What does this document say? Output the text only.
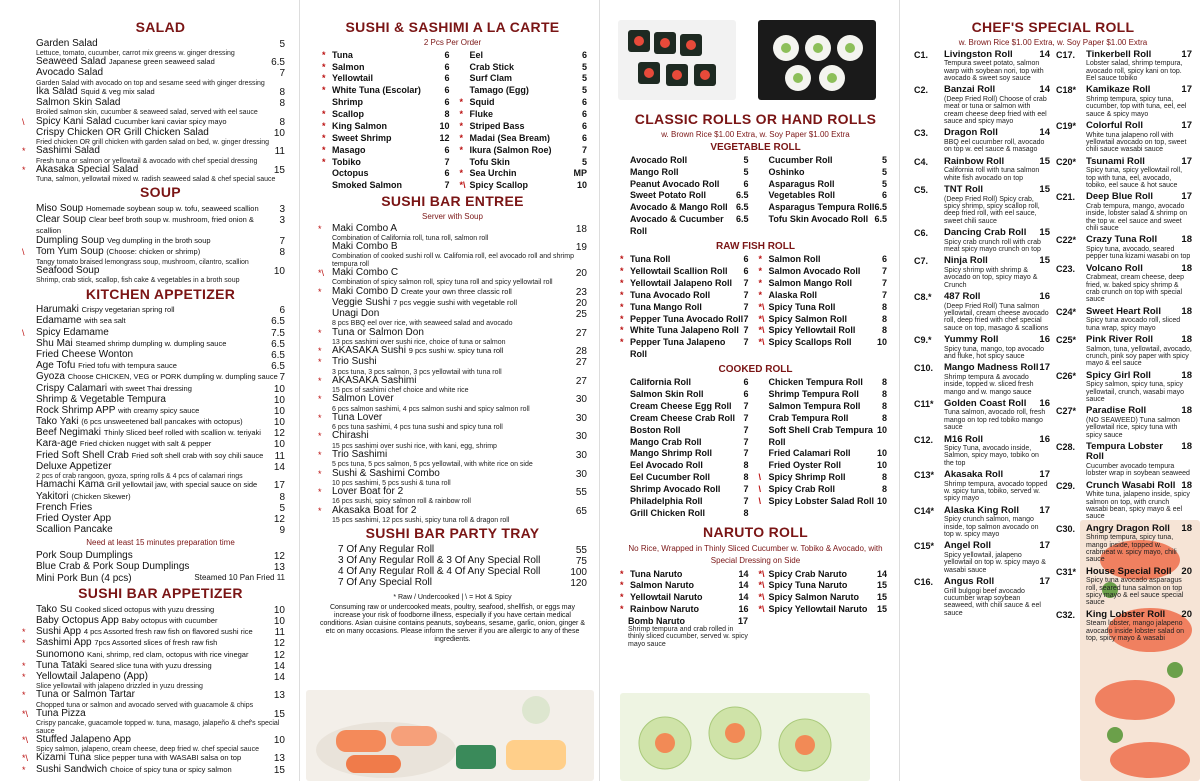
SALAD
Garden Salad	5
Lettuce, tomato, cucumber, carrot mix greens w. ginger dressing
Seaweed Salad Japanese green seaweed salad	6.5
Avocado Salad	7
Garden Salad with avocado on top and sesame seed with ginger dressing
Ika Salad Squid & veg mix salad	8
Salmon Skin Salad	8
Broiled salmon skin, cucumber & seaweed salad, served with eel sauce
\ Spicy Kani Salad Cucumber kani caviar spicy mayo	8
Crispy Chicken OR Grill Chicken Salad	10
Fried chicken OR grill chicken with garden salad on bed, w. ginger dressing
* Sashimi Salad	11
Fresh tuna or salmon or yellowtail & avocado with chef special dressing
* Akasaka Special Salad	15
Tuna, salmon, yellowtail mixed w. radish seaweed salad & chef special sauce
SOUP
Miso Soup Homemade soybean soup w. tofu, seaweed scallion 3
Clear Soup Clear beef broth soup w. mushroom, fried onion & scallion
3
Dumpling Soup Veg dumpling in the broth soup	7
\ Tom Yum Soup (Choose: chicken or shrimp)	8
Tangy tomato braised lemongrass soup, mushroom, cilantro, scallion
Seafood Soup	10
Shrimp, crab stick, scallop, fish cake & vegetables in a broth soup
KITCHEN APPETIZER
Harumaki Crispy vegetarian spring roll	6
Edamame with sea salt	6.5
\ Spicy Edamame	7.5
Shu Mai Steamed shrimp dumpling w. dumpling sauce	6.5
Fried Cheese Wonton	6.5
Age Tofu Fried tofu with tempura sauce	6.5
Gyoza Choose CHICKEN, VEG or PORK dumpling w. dumpling sauce 7
Crispy Calamari with sweet Thai dressing	10
Shrimp & Vegetable Tempura	10
Rock Shrimp APP with creamy spicy sauce	10
Tako Yaki (6 pcs unsweetened ball pancakes with octopus)	10
Beef Negimaki Thinly Sliced beef rolled with scallion w. teriyaki 12
Kara-age Fried chicken nugget with salt & pepper	10
Fried Soft Shell Crab Fried soft shell crab with soy chili sauce 11
Deluxe Appetizer	14
2 pcs of crab rangoon, gyoza, spring rolls & 4 pcs of calamari rings
Hamachi Kama Grill yellowtail jaw, with special sauce on side 17
Yakitori (Chicken Skewer)	8
French Fries	5
Fried Oyster App	12
Scallion Pancake	9
Need at least 15 minutes preparation time
Pork Soup Dumplings	12
Blue Crab & Pork Soup Dumplings	13
Mini Pork Bun (4 pcs)	Steamed 10 Pan Fried 11
SUSHI BAR APPETIZER
Tako Su Cooked sliced octopus with yuzu dressing	10
Baby Octopus App Baby octopus with cucumber	10
* Sushi App 4 pcs Assorted fresh raw fish on flavored sushi rice 11
* Sashimi App 7pcs Assorted slices of fresh raw fish	12
Sunomono Kani, shrimp, red clam, octopus with rice vinegar	12
* Tuna Tataki Seared slice tuna with yuzu dressing	14
* Yellowtail Jalapeno (App)	14
Slice yellowtail with jalapeno drizzled in yuzu dressing
* Tuna or Salmon Tartar	13
Chopped tuna or salmon and avocado served with guacamole & chips
*\ Tuna Pizza	15
Crispy pancake, guacamole topped w. tuna, masago, jalapeño & chef's special sauce
*\ Stuffed Jalapeno App	10
Spicy salmon, jalapeno, cream cheese, deep fried w. chef special sauce
*\ Kizami Tuna Slice pepper tuna with WASABI salsa on top	13
* Sushi Sandwich Choice of spicy tuna or spicy salmon	15
SUSHI & SASHIMI A LA CARTE
2 Pcs Per Order
* Tuna	6
* Salmon	6
* Yellowtail	6
* White Tuna (Escolar)	6
Shrimp	6
* Scallop	8
* King Salmon	10
* Sweet Shrimp	12
* Masago	6
* Tobiko	7
Octopus	6
Smoked Salmon	7
Eel	6
Crab Stick	5
Surf Clam	5
Tamago (Egg)	5
* Squid	6
* Fluke	6
* Striped Bass	6
* Madai (Sea Bream)	6
* Ikura (Salmon Roe)	7
Tofu Skin	5
* Sea Urchin	MP
*\ Spicy Scallop	10
SUSHI BAR ENTREE
Server with Soup
* Maki Combo A	18
Combination of California roll, tuna roll, salmon roll
Maki Combo B	19
Combination of cooked sushi roll w. California roll, eel avocado roll and shrimp tempura roll
*\ Maki Combo C	20
Combination of spicy salmon roll, spicy tuna roll and spicy yellowtail roll
* Maki Combo D Create your own three classic roll	23
Veggie Sushi 7 pcs veggie sushi with vegetable roll	20
Unagi Don	25
8 pcs BBQ eel over rice, with seaweed salad and avocado
* Tuna or Salmon Don	27
13 pcs sashimi over sushi rice, choice of tuna or salmon
* AKASAKA Sushi 9 pcs sushi w. spicy tuna roll	28
* Trio Sushi	27
3 pcs tuna, 3 pcs salmon, 3 pcs yellowtail with tuna roll
* AKASAKA Sashimi	27
15 pcs of sashimi chef choice and white rice
* Salmon Lover	30
6 pcs salmon sashimi, 4 pcs salmon sushi and spicy salmon roll
* Tuna Lover	30
6 pcs tuna sashimi, 4 pcs tuna sushi and spicy tuna roll
* Chirashi	30
15 pcs sashimi over sushi rice, with kani, egg, shrimp
* Trio Sashimi	30
5 pcs tuna, 5 pcs salmon, 5 pcs yellowtail, with white rice on side
* Sushi & Sashimi Combo	30
10 pcs sashimi, 5 pcs sushi & tuna roll
* Lover Boat for 2	55
16 pcs sushi, spicy salmon roll & rainbow roll
* Akasaka Boat for 2	65
15 pcs sashimi, 12 pcs sushi, spicy tuna roll & dragon roll
SUSHI BAR PARTY TRAY
7 Of Any Regular Roll	55
3 Of Any Regular Roll & 3 Of Any Special Roll	75
4 Of Any Regular Roll & 4 Of Any Special Roll	100
7 Of Any Special Roll	120
* Raw / Undercooked | \ = Hot & Spicy
Consuming raw or undercooked meats, poultry, seafood, shellfish, or eggs may increase your risk of foodborne illness, especially if you have certain medical conditions. Asian cuisine contains peanuts, soybeans, sesame, garlic, onion, ginger & etc on many occasions. Please inform the server if you are allergic to any of these ingredients.
CLASSIC ROLLS OR HAND ROLLS
w. Brown Rice $1.00 Extra, w. Soy Paper $1.00 Extra
VEGETABLE ROLL
Avocado Roll	5
Mango Roll	5
Peanut Avocado Roll	6
Sweet Potato Roll	6.5
Avocado & Mango Roll 6.5
Avocado & Cucumber Roll
6.5
Cucumber Roll	5
Oshinko	5
Asparagus Roll	5
Vegetables Roll	6
Asparagus Tempura Roll 6.5
Tofu Skin Avocado Roll 6.5
RAW FISH ROLL
* Tuna Roll	6
* Yellowtail Scallion Roll 6
* Yellowtail Jalapeno Roll 7
* Tuna Avocado Roll	7
* Tuna Mango Roll	7
* Pepper Tuna Avocado Roll 7
* White Tuna Jalapeno Roll 7
* Pepper Tuna Jalapeno Roll
7
* Salmon Roll	6
* Salmon Avocado Roll 7
* Salmon Mango Roll	7
* Alaska Roll	7
*\ Spicy Tuna Roll	8
*\ Spicy Salmon Roll	8
*\ Spicy Yellowtail Roll	8
*\ Spicy Scallops Roll	10
COOKED ROLL
California Roll	6
Salmon Skin Roll	6
Cream Cheese Egg Roll 7
Cream Cheese Crab Roll 7
Boston Roll	7
Mango Crab Roll	7
Mango Shrimp Roll	7
Eel Avocado Roll	8
Eel Cucumber Roll	8
Shrimp Avocado Roll	7
Philadelphia Roll	7
Grill Chicken Roll	8
Chicken Tempura Roll 8
Shrimp Tempura Roll	8
Salmon Tempura Roll 8
Crab Tempura Roll	8
Soft Shell Crab Tempura Roll
10
Fried Calamari Roll	10
Fried Oyster Roll	10
\ Spicy Shrimp Roll	8
\ Spicy Crab Roll	8
\ Spicy Lobster Salad Roll 10
NARUTO ROLL
No Rice, Wrapped in Thinly Sliced Cucumber w. Tobiko & Avocado, with Special Dressing on Side
* Tuna Naruto	14
* Salmon Naruto	14
* Yellowtail Naruto	14
* Rainbow Naruto	16
*\ Spicy Crab Naruto	14
*\ Spicy Tuna Naruto	15
*\ Spicy Salmon Naruto 15
*\ Spicy Yellowtail Naruto 15
Bomb Naruto	17
Shrimp tempura and crab rolled in thinly sliced cucumber, served w. spicy mayo sauce
CHEF'S SPECIAL ROLL
w. Brown Rice $1.00 Extra, w. Soy Paper $1.00 Extra
C1.	Livingston Roll	14
Tempura sweet potato, salmon warp with soybean nori, top with avocado & sweet soy sauce
C2.	Banzai Roll	14
(Deep Fried Roll) Choose of crab meat or tuna or salmon with cream cheese deep fried with eel sauce and spicy mayo
C3.	Dragon Roll	14
BBQ eel cucumber roll, avocado on top w. eel sauce & masago
C4.	Rainbow Roll	15
California roll with tuna salmon white fish avocado on top
C5.	TNT Roll	15
(Deep Fried Roll) Spicy crab, spicy shrimp, spicy scallop roll, deep fried roll, with eel sauce, sweet chili sauce
C6.	Dancing Crab Roll 15
Spicy crab crunch roll with crab meat spicy mayo crunch on top
C7.	Ninja Roll	15
Spicy shrimp with shrimp & avocado on top, spicy mayo & Crunch
C8.*	487 Roll	16
(Deep Fried Roll) Tuna salmon yellowtail, cream cheese avocado roll, deep fried with chef special sauce on top, masago & scallions
C9.*	Yummy Roll	16
Spicy tuna, mango, top avocado and fluke, hot spicy sauce
C10.	Mango Madness Roll 17
Shrimp tempura & avocado inside, topped w. sliced fresh mango and w. mango sauce
C11*	Golden Coast Roll 16
Tuna salmon, avocado roll, fresh mango on top red tobiko mango sauce
C12.	M16 Roll	16
Spicy Tuna, avocado inside, Salmon, spicy mayo, tobiko on the top
C13*	Akasaka Roll	17
Shrimp tempura, avocado topped w. spicy tuna, tobiko, served w. spicy mayo
C14*	Alaska King Roll 17
Spicy crunch salmon, mango inside, top salmon avocado on top w. spicy mayo
C15*	Angel Roll	17
Spicy yellowtail, jalapeno yellowtail on top w. spicy mayo & wasabi sauce
C16.	Angus Roll	17
Grill bulgogi beef avocado cucumber wrap soybean seaweed, with chili sauce & eel sauce
C17.	Tinkerbell Roll	17
Lobster salad, shrimp tempura, avocado roll, spicy kani on top. Eel sauce tobiko
C18*	Kamikaze Roll	17
Shrimp tempura, spicy tuna, cucumber, top with tuna, eel, eel sauce & spicy mayo
C19*	Colorful Roll	17
White tuna jalapeno roll with yellowtail avocado on top, sweet chili sauce wasabi sauce
C20*	Tsunami Roll	17
Spicy tuna, spicy yellowtail roll, top with tuna, eel, avocado, tobiko, eel sauce & hot sauce
C21.	Deep Blue Roll	17
Crab tempura, mango, avocado inside, lobster salad & shrimp on the top w. eel sauce and sweet chili sauce
C22*	Crazy Tuna Roll	18
Spicy tuna, avocado, seared pepper tuna kizami wasabi on top
C23.	Volcano Roll	18
Crabmeat, cream cheese, deep fried, w. baked spicy shrimp & crab crunch on top with special sauce
C24*	Sweet Heart Roll 18
Spicy tuna avocado roll, sliced tuna wrap, spicy mayo
C25*	Pink River Roll	18
Salmon, tuna, yellowtail, avocado, crunch, pink soy paper with spicy mayo & eel sauce
C26*	Spicy Girl Roll	18
Spicy salmon, spicy tuna, spicy yellowtail, crunch, wasabi mayo sauce
C27*	Paradise Roll	18
(NO SEAWEED) Tuna salmon yellowtail rice, spicy tuna with spicy sauce
C28.	Tempura Lobster Roll
18
Cucumber avocado tempura lobster wrap in soybean seaweed
C29.	Crunch Wasabi Roll 18
White tuna, jalapeno inside, spicy salmon on top, with crunch wasabi bean, spicy mayo & eel sauce
C30.	Angry Dragon Roll 18
Shrimp tempura, spicy tuna, mango inside, topped w. crabmeat w. spicy mayo, chili sauce
C31*	House Special Roll 20
Spicy tuna avocado asparagus roll, seared tuna salmon on top spicy mayo & eel sauce special sauce
C32.	King Lobster Roll 20
Steam lobster, mango jalapeno avocado inside lobster salad on top, spicy mayo & wasabi
